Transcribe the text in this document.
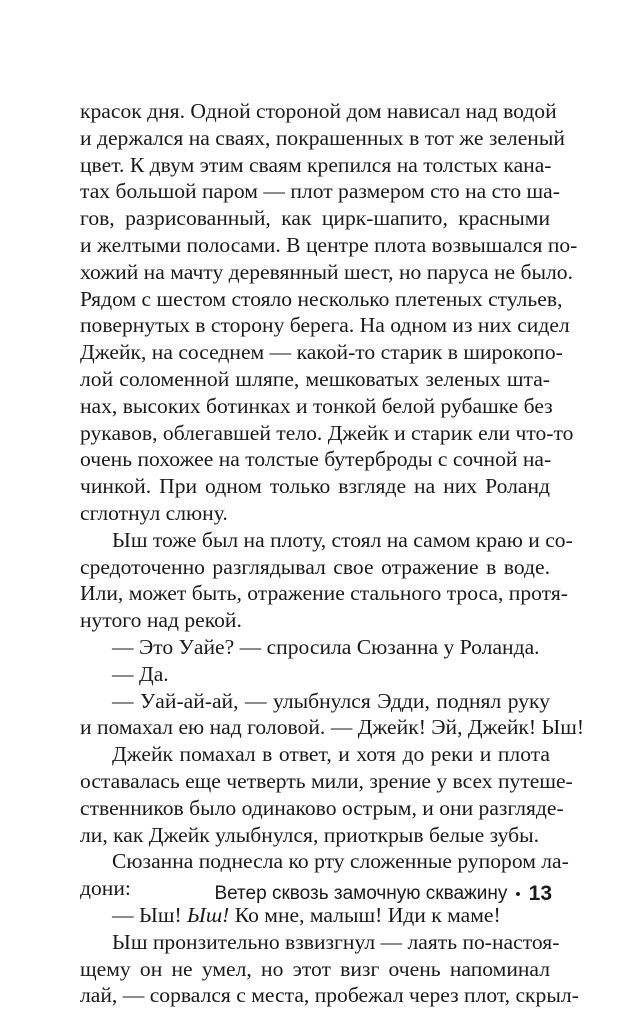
красок дня. Одной стороной дом нависал над водой
и держался на сваях, покрашенных в тот же зеленый
цвет. К двум этим сваям крепился на толстых кана-
тах большой паром — плот размером сто на сто ша-
гов, разрисованный, как цирк-шапито, красными
и желтыми полосами. В центре плота возвышался по-
хожий на мачту деревянный шест, но паруса не было.
Рядом с шестом стояло несколько плетеных стульев,
повернутых в сторону берега. На одном из них сидел
Джейк, на соседнем — какой-то старик в широкопо-
лой соломенной шляпе, мешковатых зеленых шта-
нах, высоких ботинках и тонкой белой рубашке без
рукавов, облегавшей тело. Джейк и старик ели что-то
очень похожее на толстые бутерброды с сочной на-
чинкой. При одном только взгляде на них Роланд
сглотнул слюну.
Ыш тоже был на плоту, стоял на самом краю и со-
средоточенно разглядывал свое отражение в воде.
Или, может быть, отражение стального троса, протя-
нутого над рекой.
— Это Уайе? — спросила Сюзанна у Роланда.
— Да.
— Уай-ай-ай, — улыбнулся Эдди, поднял руку
и помахал ею над головой. — Джейк! Эй, Джейк! Ыш!
Джейк помахал в ответ, и хотя до реки и плота
оставалась еще четверть мили, зрение у всех путеше-
ственников было одинаково острым, и они разгляде-
ли, как Джейк улыбнулся, приоткрыв белые зубы.
Сюзанна поднесла ко рту сложенные рупором ла-
дони:
— Ыш! Ыш! Ко мне, малыш! Иди к маме!
Ыш пронзительно взвизгнул — лаять по-настоя-
щему он не умел, но этот визг очень напоминал
лай, — сорвался с места, пробежал через плот, скрыл-
Ветер сквозь замочную скважину • 13
